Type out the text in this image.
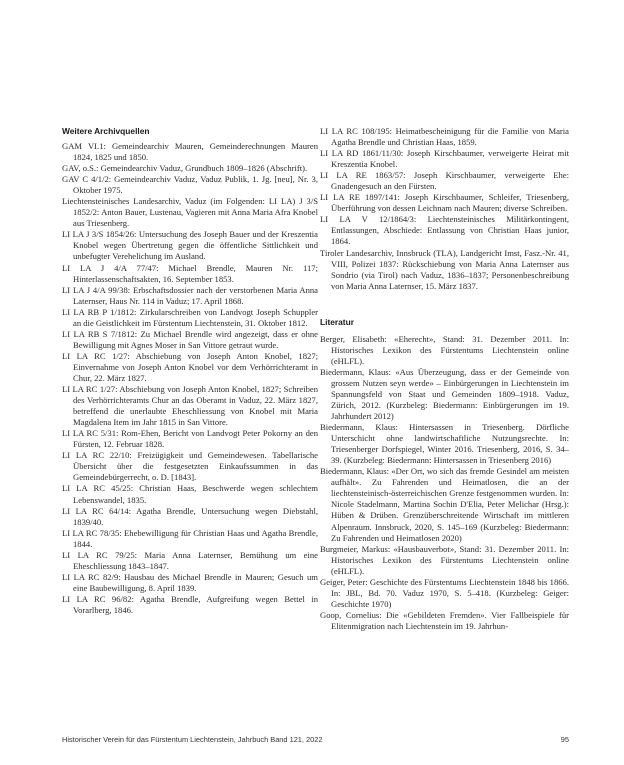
Weitere Archivquellen
GAM VI.1: Gemeindearchiv Mauren, Gemeinderechnungen Mauren 1824, 1825 und 1850.
GAV, o.S.: Gemeindearchiv Vaduz, Grundbuch 1809–1826 (Abschrift).
GAV C 4/1/2: Gemeindearchiv Vaduz, Vaduz Publik, 1. Jg. [neu], Nr. 3, Oktober 1975.
Liechtensteinisches Landesarchiv, Vaduz (im Folgenden: LI LA) J 3/S 1852/2: Anton Bauer, Lustenau, Vagieren mit Anna Maria Afra Knobel aus Triesenberg.
LI LA J 3/S 1854/26: Untersuchung des Joseph Bauer und der Kreszentia Knobel wegen Übertretung gegen die öffentliche Sittlichkeit und unbefugter Verehelichung im Ausland.
LI LA J 4/A 77/47: Michael Brendle, Mauren Nr. 117; Hinterlassenschaftsakten, 16. September 1853.
LI LA J 4/A 99/38: Erbschaftsdossier nach der verstorbenen Maria Anna Laternser, Haus Nr. 114 in Vaduz; 17. April 1868.
LI LA RB P 1/1812: Zirkularschreiben von Landvogt Joseph Schuppler an die Geistlichkeit im Fürstentum Liechtenstein, 31. Oktober 1812.
LI LA RB S 7/1812: Zu Michael Brendle wird angezeigt, dass er ohne Bewilligung mit Agnes Moser in San Vittore getraut wurde.
LI LA RC 1/27: Abschiebung von Joseph Anton Knobel, 1827; Einvernahme von Joseph Anton Knobel vor dem Verhörrichteramt in Chur, 22. März 1827.
LI LA RC 1/27: Abschiebung von Joseph Anton Knobel, 1827; Schreiben des Verhörrichteramts Chur an das Oberamt in Vaduz, 22. März 1827, betreffend die unerlaubte Eheschliessung von Knobel mit Maria Magdalena Item im Jahr 1815 in San Vittore.
LI LA RC 5/31: Rom-Ehen, Bericht von Landvogt Peter Pokorny an den Fürsten, 12. Februar 1828.
LI LA RC 22/10: Freizügigkeit und Gemeindewesen. Tabellarische Übersicht über die festgesetzten Einkaufssummen in das Gemeindebürgerrecht, o. D. [1843].
LI LA RC 45/25: Christian Haas, Beschwerde wegen schlechtem Lebenswandel, 1835.
LI LA RC 64/14: Agatha Brendle, Untersuchung wegen Diebstahl, 1839/40.
LI LA RC 78/35: Ehebewilligung für Christian Haas und Agatha Brendle, 1844.
LI LA RC 79/25: Maria Anna Laternser, Bemühung um eine Eheschliessung 1843–1847.
LI LA RC 82/9: Hausbau des Michael Brendle in Mauren; Gesuch um eine Baubewilligung, 8. April 1839.
LI LA RC 96/82: Agatha Brendle, Aufgreifung wegen Bettel in Vorarlberg, 1846.
LI LA RC 108/195: Heimatbescheinigung für die Familie von Maria Agatha Brendle und Christian Haas, 1859.
LI LA RD 1861/11/30: Joseph Kirschbaumer, verweigerte Heirat mit Kreszentia Knobel.
LI LA RE 1863/57: Joseph Kirschbaumer, verweigerte Ehe: Gnadengesuch an den Fürsten.
LI LA RE 1897/141: Joseph Kirschbaumer, Schleifer, Triesenberg, Überführung von dessen Leichnam nach Mauren; diverse Schreiben.
LI LA V 12/1864/3: Liechtensteinisches Militärkontingent, Entlassungen, Abschiede: Entlassung von Christian Haas junior, 1864.
Tiroler Landesarchiv, Innsbruck (TLA), Landgericht Imst, Fasz.-Nr. 41, VIII, Polizei 1837: Rückschiebung von Maria Anna Laternser aus Sondrio (via Tirol) nach Vaduz, 1836–1837; Personenbeschreibung von Maria Anna Laternser, 15. März 1837.
Literatur
Berger, Elisabeth: «Eherecht», Stand: 31. Dezember 2011. In: Historisches Lexikon des Fürstentums Liechtenstein online (eHLFL).
Biedermann, Klaus: «Aus Überzeugung, dass er der Gemeinde von grossem Nutzen seyn werde» – Einbürgerungen in Liechtenstein im Spannungsfeld von Staat und Gemeinden 1809–1918. Vaduz, Zürich, 2012. (Kurzbeleg: Biedermann: Einbürgerungen im 19. Jahrhundert 2012)
Biedermann, Klaus: Hintersassen in Triesenberg. Dörfliche Unterschicht ohne landwirtschaftliche Nutzungsrechte. In: Triesenberger Dorfspiegel, Winter 2016. Triesenberg, 2016, S. 34–39. (Kurzbeleg: Biedermann: Hintersassen in Triesenberg 2016)
Biedermann, Klaus: «Der Ort, wo sich das fremde Gesindel am meisten aufhält». Zu Fahrenden und Heimatlosen, die an der liechtensteinisch-österreichischen Grenze festgenommen wurden. In: Nicole Stadelmann, Martina Sochin D'Elia, Peter Melichar (Hrsg.): Hüben & Drüben. Grenzüberschreitende Wirtschaft im mittleren Alpenraum. Innsbruck, 2020, S. 145–169 (Kurzbeleg: Biedermann: Zu Fahrenden und Heimatlosen 2020)
Burgmeier, Markus: «Hausbauverbot», Stand: 31. Dezember 2011. In: Historisches Lexikon des Fürstentums Liechtenstein online (eHLFL).
Geiger, Peter: Geschichte des Fürstentums Liechtenstein 1848 bis 1866. In: JBL, Bd. 70. Vaduz 1970, S. 5–418. (Kurzbeleg: Geiger: Geschichte 1970)
Goop, Cornelius: Die «Gebildeten Fremden». Vier Fallbeispiele für Elitenmigration nach Liechtenstein im 19. Jahrhun-
Historischer Verein für das Fürstentum Liechtenstein, Jahrbuch Band 121, 2022	95
